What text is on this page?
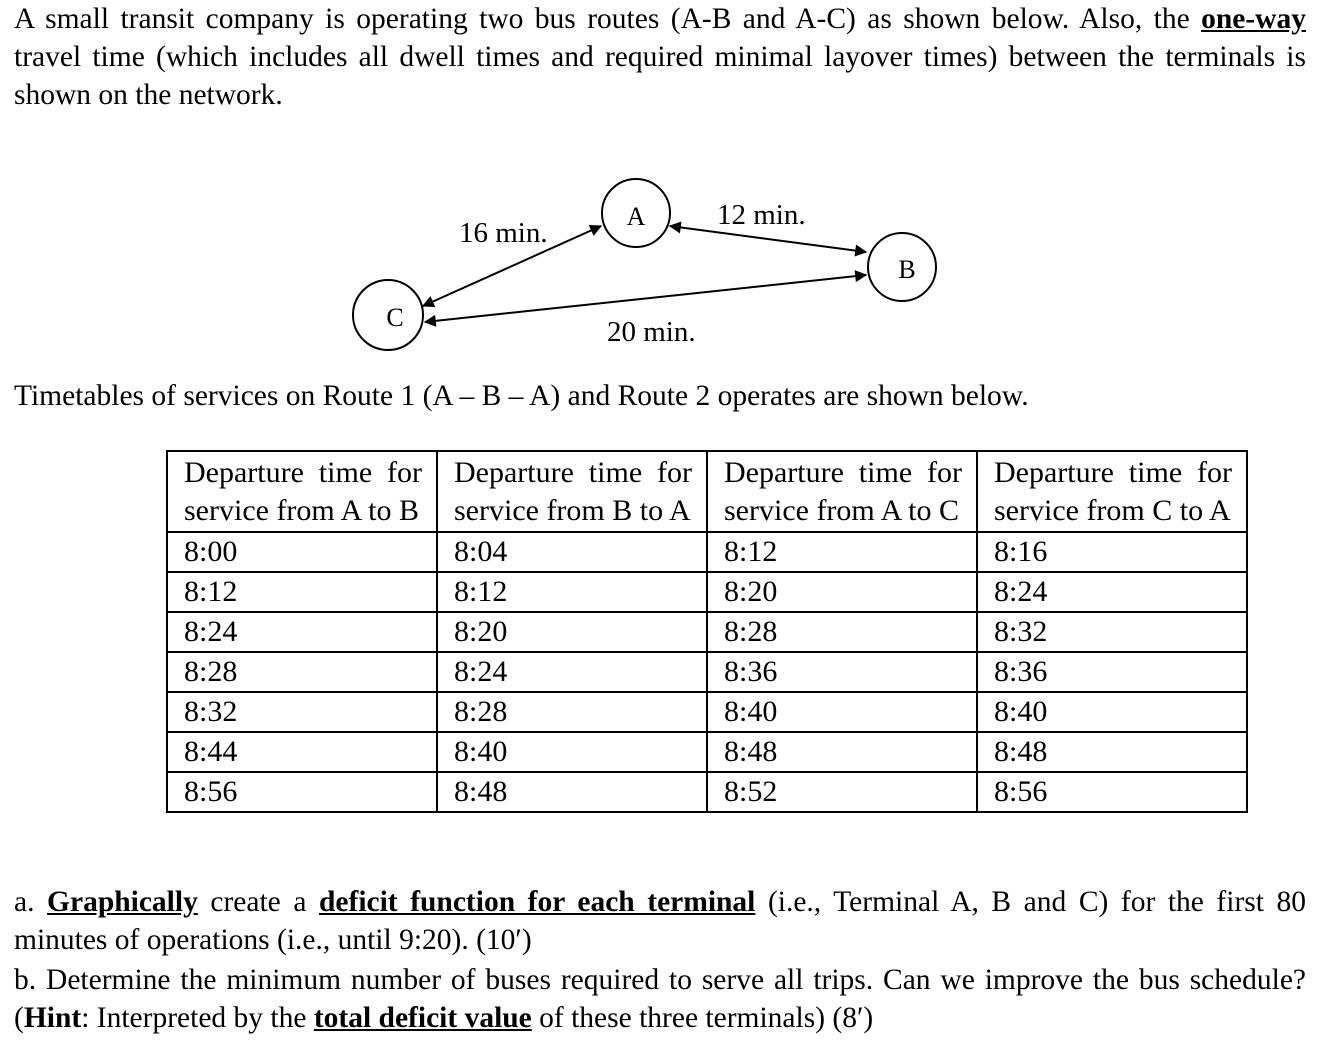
A small transit company is operating two bus routes (A-B and A-C) as shown below. Also, the one-way travel time (which includes all dwell times and required minimal layover times) between the terminals is shown on the network.
A
B
C
16 min.
12 min.
20 min.
Timetables of services on Route 1 (A – B – A) and Route 2 operates are shown below.
Departure time for service from A to B	Departure time for service from B to A	Departure time for service from A to C	Departure time for service from C to A
8:00	8:04	8:12	8:16
8:12	8:12	8:20	8:24
8:24	8:20	8:28	8:32
8:28	8:24	8:36	8:36
8:32	8:28	8:40	8:40
8:44	8:40	8:48	8:48
8:56	8:48	8:52	8:56
a. Graphically create a deficit function for each terminal (i.e., Terminal A, B and C) for the first 80 minutes of operations (i.e., until 9:20). (10′)
b. Determine the minimum number of buses required to serve all trips. Can we improve the bus schedule? (Hint: Interpreted by the total deficit value of these three terminals) (8′)
